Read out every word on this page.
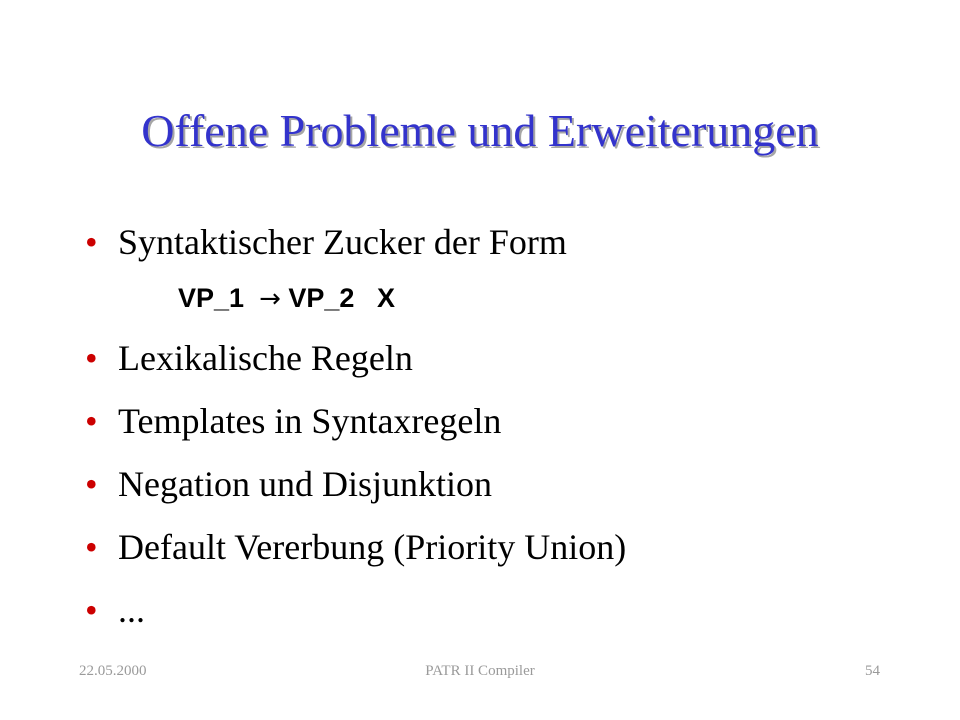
Offene Probleme und Erweiterungen
• Syntaktischer Zucker der Form
• Lexikalische Regeln
• Templates in Syntaxregeln
• Negation und Disjunktion
• Default Vererbung (Priority Union)
• ...
VP_1 → VP_2 X
22.05.2000	PATR II Compiler	54
